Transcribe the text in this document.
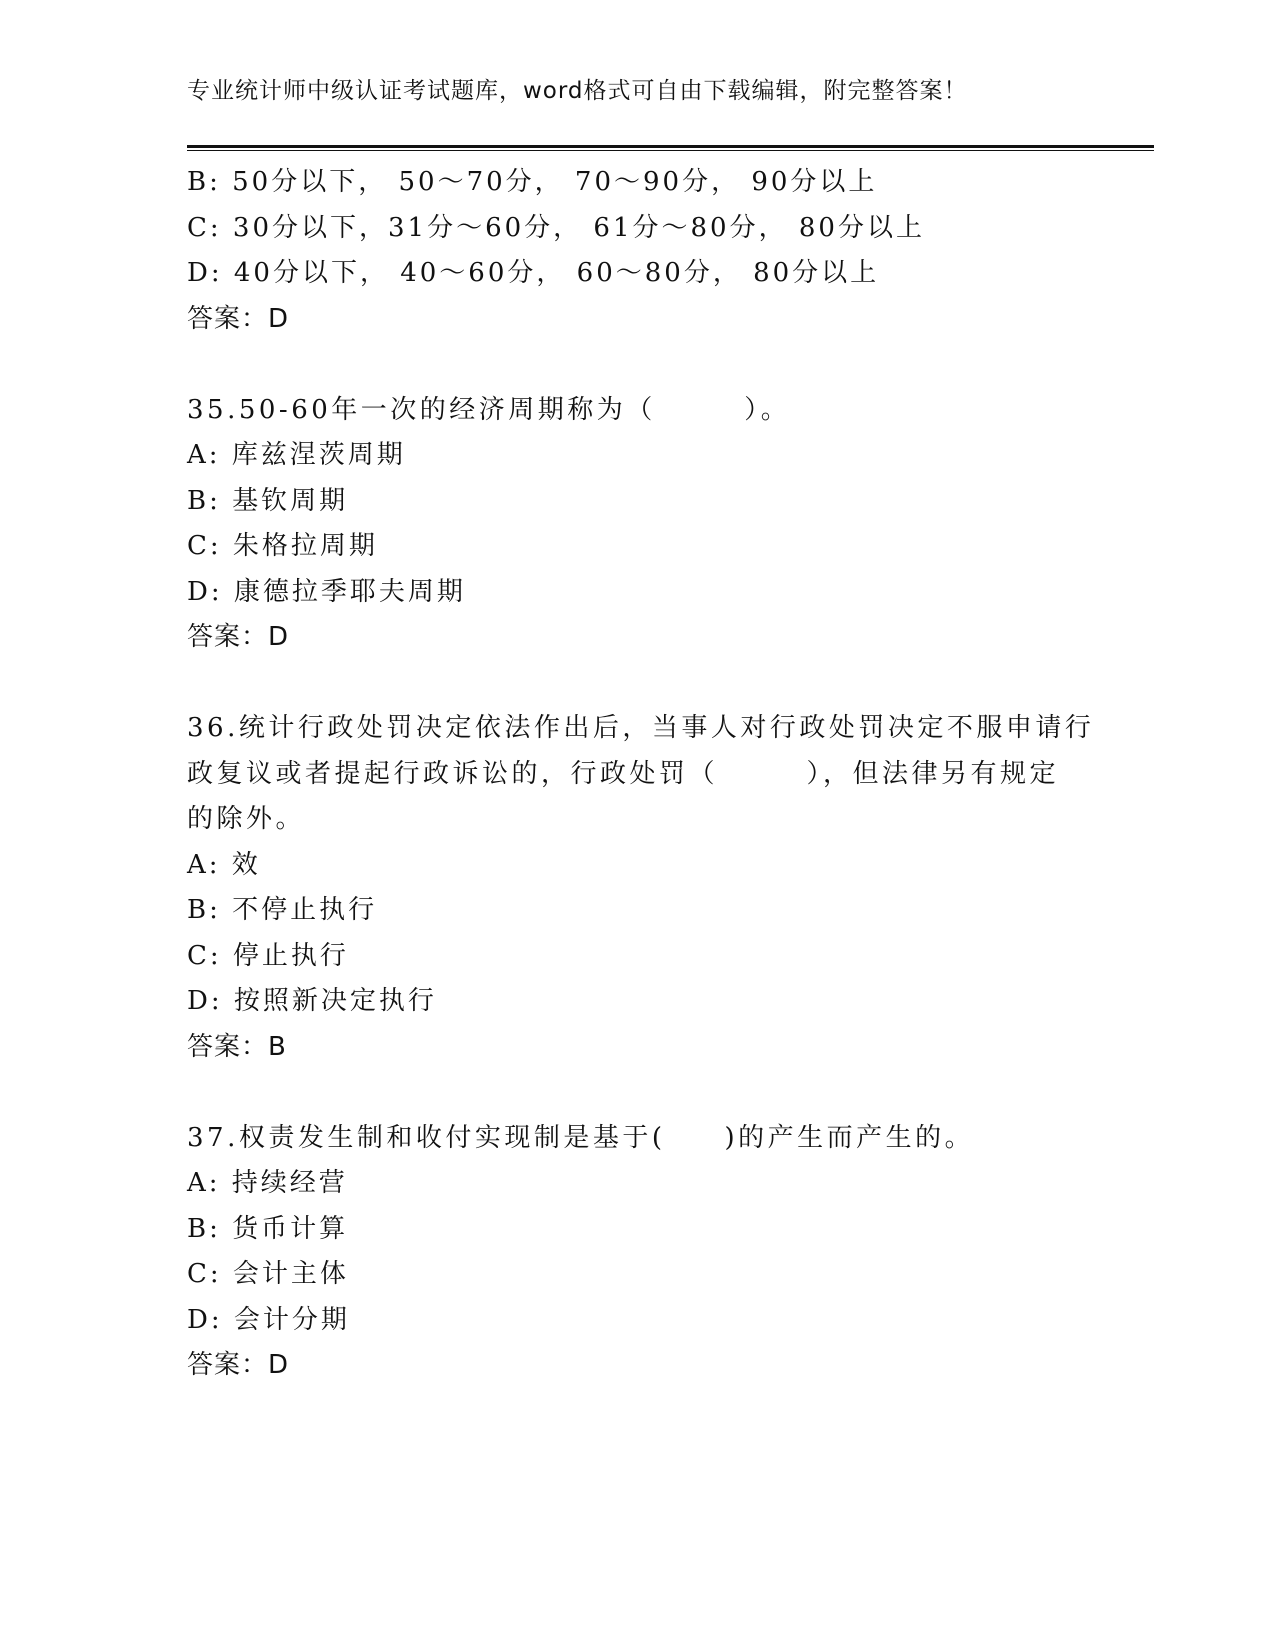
专业统计师中级认证考试题库，word格式可自由下载编辑，附完整答案！
B: 50分以下， 50～70分， 70～90分， 90分以上
C: 30分以下，31分～60分， 61分～80分， 80分以上
D: 40分以下， 40～60分， 60～80分， 80分以上
答案：D
35.50-60年一次的经济周期称为（　　　）。
A: 库兹涅茨周期
B: 基钦周期
C: 朱格拉周期
D: 康德拉季耶夫周期
答案：D
36.统计行政处罚决定依法作出后，当事人对行政处罚决定不服申请行
政复议或者提起行政诉讼的，行政处罚（　　　），但法律另有规定
的除外。
A: 效
B: 不停止执行
C: 停止执行
D: 按照新决定执行
答案：B
37.权责发生制和收付实现制是基于(　　)的产生而产生的。
A: 持续经营
B: 货币计算
C: 会计主体
D: 会计分期
答案：D
